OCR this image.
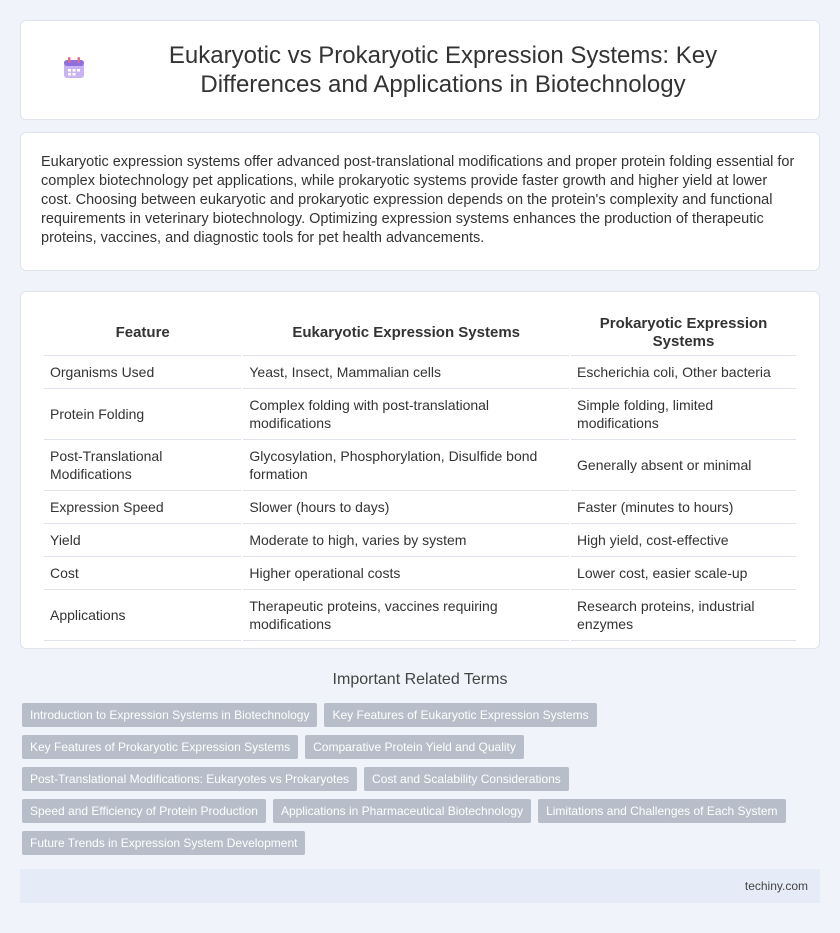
Eukaryotic vs Prokaryotic Expression Systems: Key Differences and Applications in Biotechnology

Eukaryotic expression systems offer advanced post-translational modifications and proper protein folding essential for complex biotechnology pet applications, while prokaryotic systems provide faster growth and higher yield at lower cost. Choosing between eukaryotic and prokaryotic expression depends on the protein's complexity and functional requirements in veterinary biotechnology. Optimizing expression systems enhances the production of therapeutic proteins, vaccines, and diagnostic tools for pet health advancements.

Feature	Eukaryotic Expression Systems	Prokaryotic Expression Systems
Organisms Used	Yeast, Insect, Mammalian cells	Escherichia coli, Other bacteria
Protein Folding	Complex folding with post-translational modifications	Simple folding, limited modifications
Post-Translational Modifications	Glycosylation, Phosphorylation, Disulfide bond formation	Generally absent or minimal
Expression Speed	Slower (hours to days)	Faster (minutes to hours)
Yield	Moderate to high, varies by system	High yield, cost-effective
Cost	Higher operational costs	Lower cost, easier scale-up
Applications	Therapeutic proteins, vaccines requiring modifications	Research proteins, industrial enzymes
Important Related Terms
Introduction to Expression Systems in Biotechnology	Key Features of Eukaryotic Expression Systems
Key Features of Prokaryotic Expression Systems	Comparative Protein Yield and Quality
Post-Translational Modifications: Eukaryotes vs Prokaryotes	Cost and Scalability Considerations
Speed and Efficiency of Protein Production	Applications in Pharmaceutical Biotechnology	Limitations and Challenges of Each System
Future Trends in Expression System Development
techiny.com
